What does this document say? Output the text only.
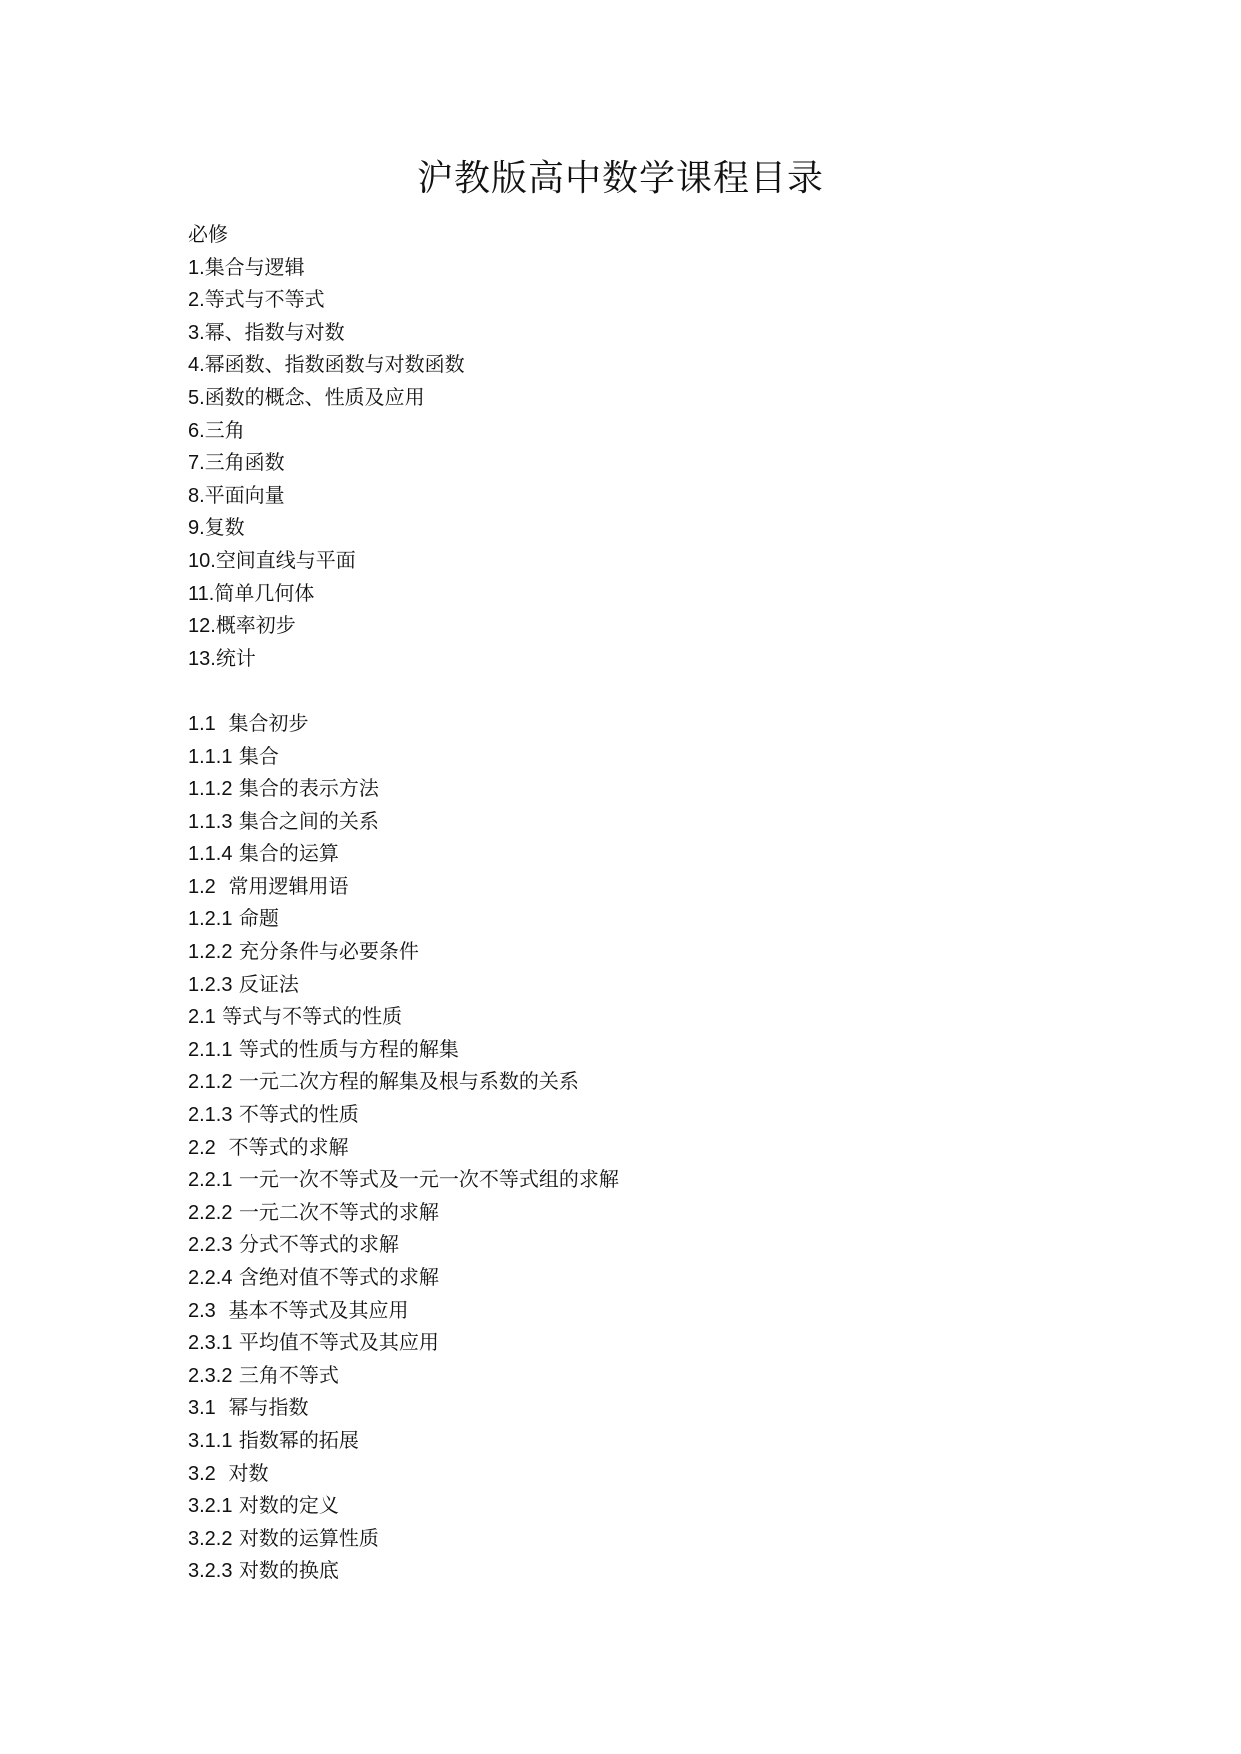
沪教版高中数学课程目录
必修
1.集合与逻辑
2.等式与不等式
3.幂、指数与对数
4.幂函数、指数函数与对数函数
5.函数的概念、性质及应用
6.三角
7.三角函数
8.平面向量
9.复数
10.空间直线与平面
11.简单几何体
12.概率初步
13.统计
1.1 集合初步
1.1.1 集合
1.1.2 集合的表示方法
1.1.3 集合之间的关系
1.1.4 集合的运算
1.2 常用逻辑用语
1.2.1 命题
1.2.2 充分条件与必要条件
1.2.3 反证法
2.1 等式与不等式的性质
2.1.1 等式的性质与方程的解集
2.1.2 一元二次方程的解集及根与系数的关系
2.1.3 不等式的性质
2.2 不等式的求解
2.2.1 一元一次不等式及一元一次不等式组的求解
2.2.2 一元二次不等式的求解
2.2.3 分式不等式的求解
2.2.4 含绝对值不等式的求解
2.3 基本不等式及其应用
2.3.1 平均值不等式及其应用
2.3.2 三角不等式
3.1 幂与指数
3.1.1 指数幂的拓展
3.2 对数
3.2.1 对数的定义
3.2.2 对数的运算性质
3.2.3 对数的换底
